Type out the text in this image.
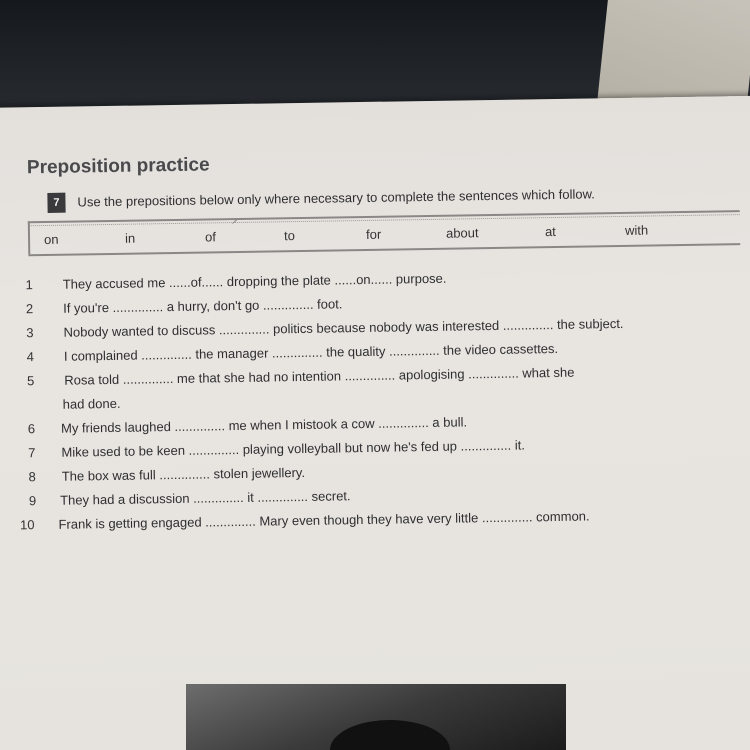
Preposition practice
7	Use the prepositions below only where necessary to complete the sentences which follow.
on	in	of	to	for	about	at	with
1 They accused me ......of...... dropping the plate ......on...... purpose.
2 If you're .............. a hurry, don't go .............. foot.
3 Nobody wanted to discuss .............. politics because nobody was interested .............. the subject.
4 I complained .............. the manager .............. the quality .............. the video cassettes.
5 Rosa told .............. me that she had no intention .............. apologising .............. what she
had done.
6 My friends laughed .............. me when I mistook a cow .............. a bull.
7 Mike used to be keen .............. playing volleyball but now he's fed up .............. it.
8 The box was full .............. stolen jewellery.
9 They had a discussion .............. it .............. secret.
10 Frank is getting engaged .............. Mary even though they have very little .............. common.
